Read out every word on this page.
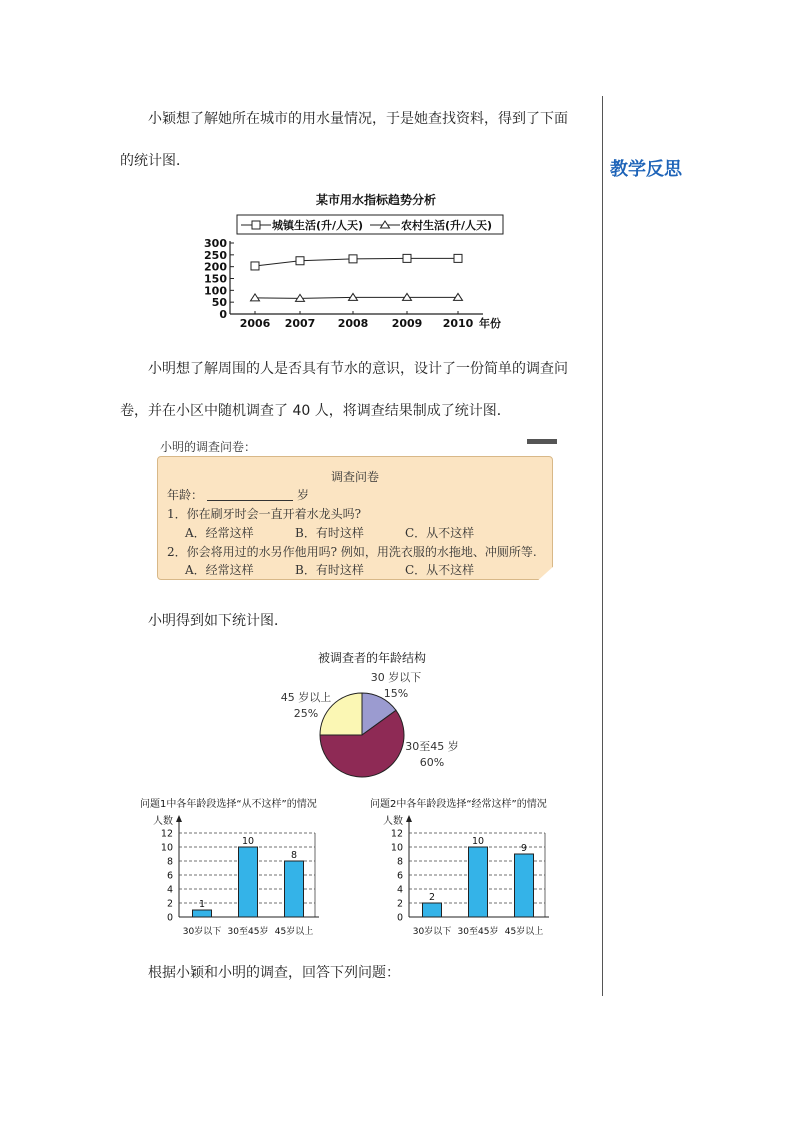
教学反思
小颖想了解她所在城市的用水量情况，于是她查找资料，得到了下面
的统计图．
某市用水指标趋势分析
城镇生活(升/人天)	农村生活(升/人天)
0
50
100
150
200
250
300
2006 2007 2008 2009 2010 年份
小明想了解周围的人是否具有节水的意识，设计了一份简单的调查问
卷，并在小区中随机调查了 40 人，将调查结果制成了统计图．
小明的调查问卷：
调查问卷
年龄：	岁
1．你在刷牙时会一直开着水龙头吗?
A．经常这样	B．有时这样	C．从不这样
2．你会将用过的水另作他用吗? 例如，用洗衣服的水拖地、冲厕所等.
A．经常这样	B．有时这样	C．从不这样
小明得到如下统计图．
被调查者的年龄结构
30 岁以下
15%
30至45 岁
60%
45 岁以上
25%
问题1中各年龄段选择“从不这样”的情况
人数
0
2
4
6
8
10
12
1
30岁以下
10
30至45岁
8
45岁以上
问题2中各年龄段选择“经常这样”的情况
人数
0
2
4
6
8
10
12
2
30岁以下
10
30至45岁
9
45岁以上
根据小颖和小明的调查，回答下列问题：
